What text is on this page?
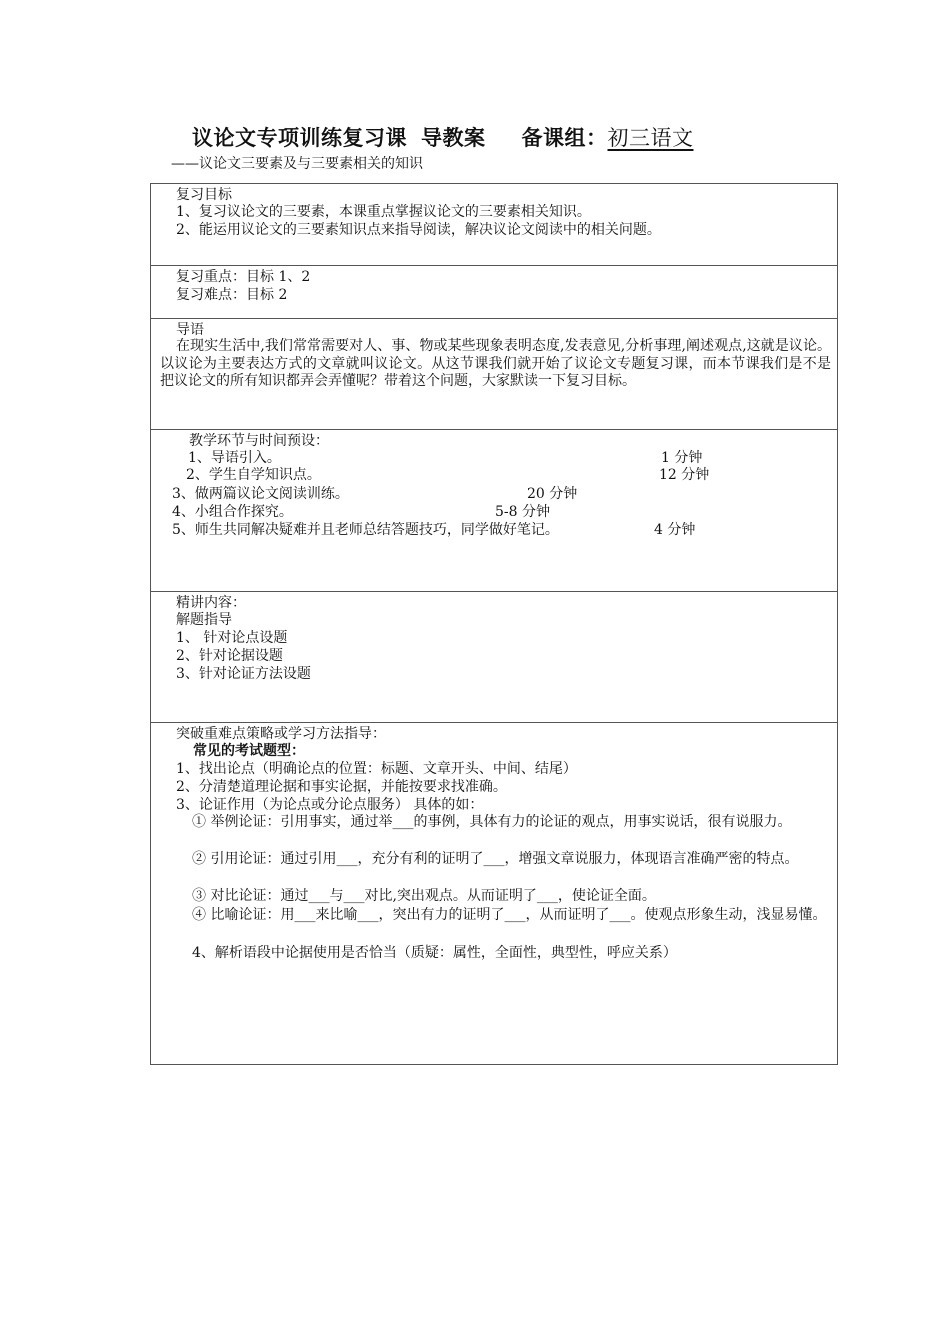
议论文专项训练复习课 导教案 备课组：初三语文
——议论文三要素及与三要素相关的知识
复习目标
1、复习议论文的三要素，本课重点掌握议论文的三要素相关知识。
2、能运用议论文的三要素知识点来指导阅读，解决议论文阅读中的相关问题。
复习重点：目标 1、2
复习难点：目标 2
导语
在现实生活中,我们常常需要对人、事、物或某些现象表明态度,发表意见,分析事理,阐述观点,这就是议论。以议论为主要表达方式的文章就叫议论文。从这节课我们就开始了议论文专题复习课，而本节课我们是不是把议论文的所有知识都弄会弄懂呢？带着这个问题，大家默读一下复习目标。
教学环节与时间预设：
1、导语引入。	1 分钟
2、学生自学知识点。	12 分钟
3、做两篇议论文阅读训练。	20 分钟
4、小组合作探究。	5-8 分钟
5、师生共同解决疑难并且老师总结答题技巧，同学做好笔记。	4 分钟
精讲内容：
解题指导
1、 针对论点设题
2、针对论据设题
3、针对论证方法设题
突破重难点策略或学习方法指导：
常见的考试题型：
1、找出论点（明确论点的位置：标题、文章开头、中间、结尾）
2、分清楚道理论据和事实论据，并能按要求找准确。
3、论证作用（为论点或分论点服务） 具体的如：
① 举例论证：引用事实，通过举___的事例，具体有力的论证的观点，用事实说话，很有说服力。
② 引用论证：通过引用___，充分有利的证明了___，增强文章说服力，体现语言准确严密的特点。
③ 对比论证：通过___与___对比,突出观点。从而证明了___，使论证全面。
④ 比喻论证：用___来比喻___，突出有力的证明了___，从而证明了___。使观点形象生动，浅显易懂。
4、解析语段中论据使用是否恰当（质疑：属性，全面性，典型性，呼应关系）
